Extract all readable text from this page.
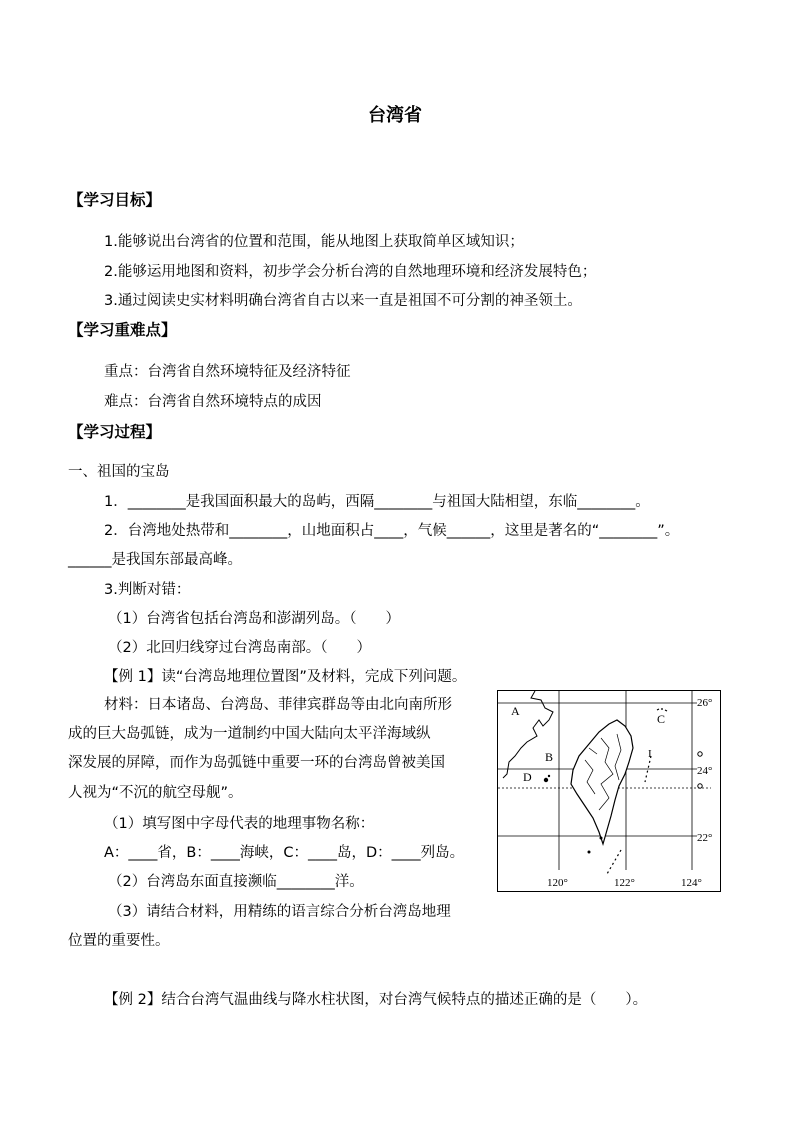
台湾省
【学习目标】
1.能够说出台湾省的位置和范围，能从地图上获取简单区域知识；
2.能够运用地图和资料，初步学会分析台湾的自然地理环境和经济发展特色；
3.通过阅读史实材料明确台湾省自古以来一直是祖国不可分割的神圣领土。
【学习重难点】
重点：台湾省自然环境特征及经济特征
难点：台湾省自然环境特点的成因
【学习过程】
一、祖国的宝岛
1．________是我国面积最大的岛屿，西隔________与祖国大陆相望，东临________。
2．台湾地处热带和________，山地面积占____，气候______，这里是著名的“________”。
______是我国东部最高峰。
3.判断对错：
（1）台湾省包括台湾岛和澎湖列岛。（　　）
（2）北回归线穿过台湾岛南部。（　　）
【例 1】读“台湾岛地理位置图”及材料，完成下列问题。
材料：日本诸岛、台湾岛、菲律宾群岛等由北向南所形
成的巨大岛弧链，成为一道制约中国大陆向太平洋海域纵
深发展的屏障，而作为岛弧链中重要一环的台湾岛曾被美国
人视为“不沉的航空母舰”。
（1）填写图中字母代表的地理事物名称：
A：____省，B：____海峡，C：____岛，D：____列岛。
（2）台湾岛东面直接濒临________洋。
（3）请结合材料，用精练的语言综合分析台湾岛地理
位置的重要性。
【例 2】结合台湾气温曲线与降水柱状图，对台湾气候特点的描述正确的是（　　）。
A
B
C
D
I
26°
24°
22°
120°	122°	124°
